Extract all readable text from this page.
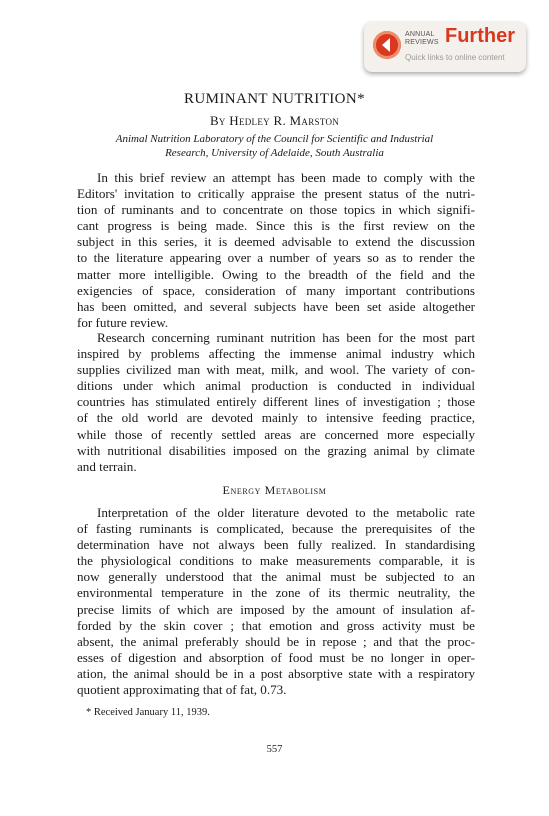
ANNUAL REVIEWS Further
Quick links to online content
RUMINANT NUTRITION*
By Hedley R. Marston
Animal Nutrition Laboratory of the Council for Scientific and Industrial
Research, University of Adelaide, South Australia
In this brief review an attempt has been made to comply with the
Editors' invitation to critically appraise the present status of the nutri-
tion of ruminants and to concentrate on those topics in which signifi-
cant progress is being made. Since this is the first review on the
subject in this series, it is deemed advisable to extend the discussion
to the literature appearing over a number of years so as to render the
matter more intelligible. Owing to the breadth of the field and the
exigencies of space, consideration of many important contributions
has been omitted, and several subjects have been set aside altogether
for future review.
Research concerning ruminant nutrition has been for the most part
inspired by problems affecting the immense animal industry which
supplies civilized man with meat, milk, and wool. The variety of con-
ditions under which animal production is conducted in individual
countries has stimulated entirely different lines of investigation ; those
of the old world are devoted mainly to intensive feeding practice,
while those of recently settled areas are concerned more especially
with nutritional disabilities imposed on the grazing animal by climate
and terrain.
Energy Metabolism
Interpretation of the older literature devoted to the metabolic rate
of fasting ruminants is complicated, because the prerequisites of the
determination have not always been fully realized. In standardising
the physiological conditions to make measurements comparable, it is
now generally understood that the animal must be subjected to an
environmental temperature in the zone of its thermic neutrality, the
precise limits of which are imposed by the amount of insulation af-
forded by the skin cover ; that emotion and gross activity must be
absent, the animal preferably should be in repose ; and that the proc-
esses of digestion and absorption of food must be no longer in oper-
ation, the animal should be in a post absorptive state with a respiratory
quotient approximating that of fat, 0.73.
* Received January 11, 1939.
557
